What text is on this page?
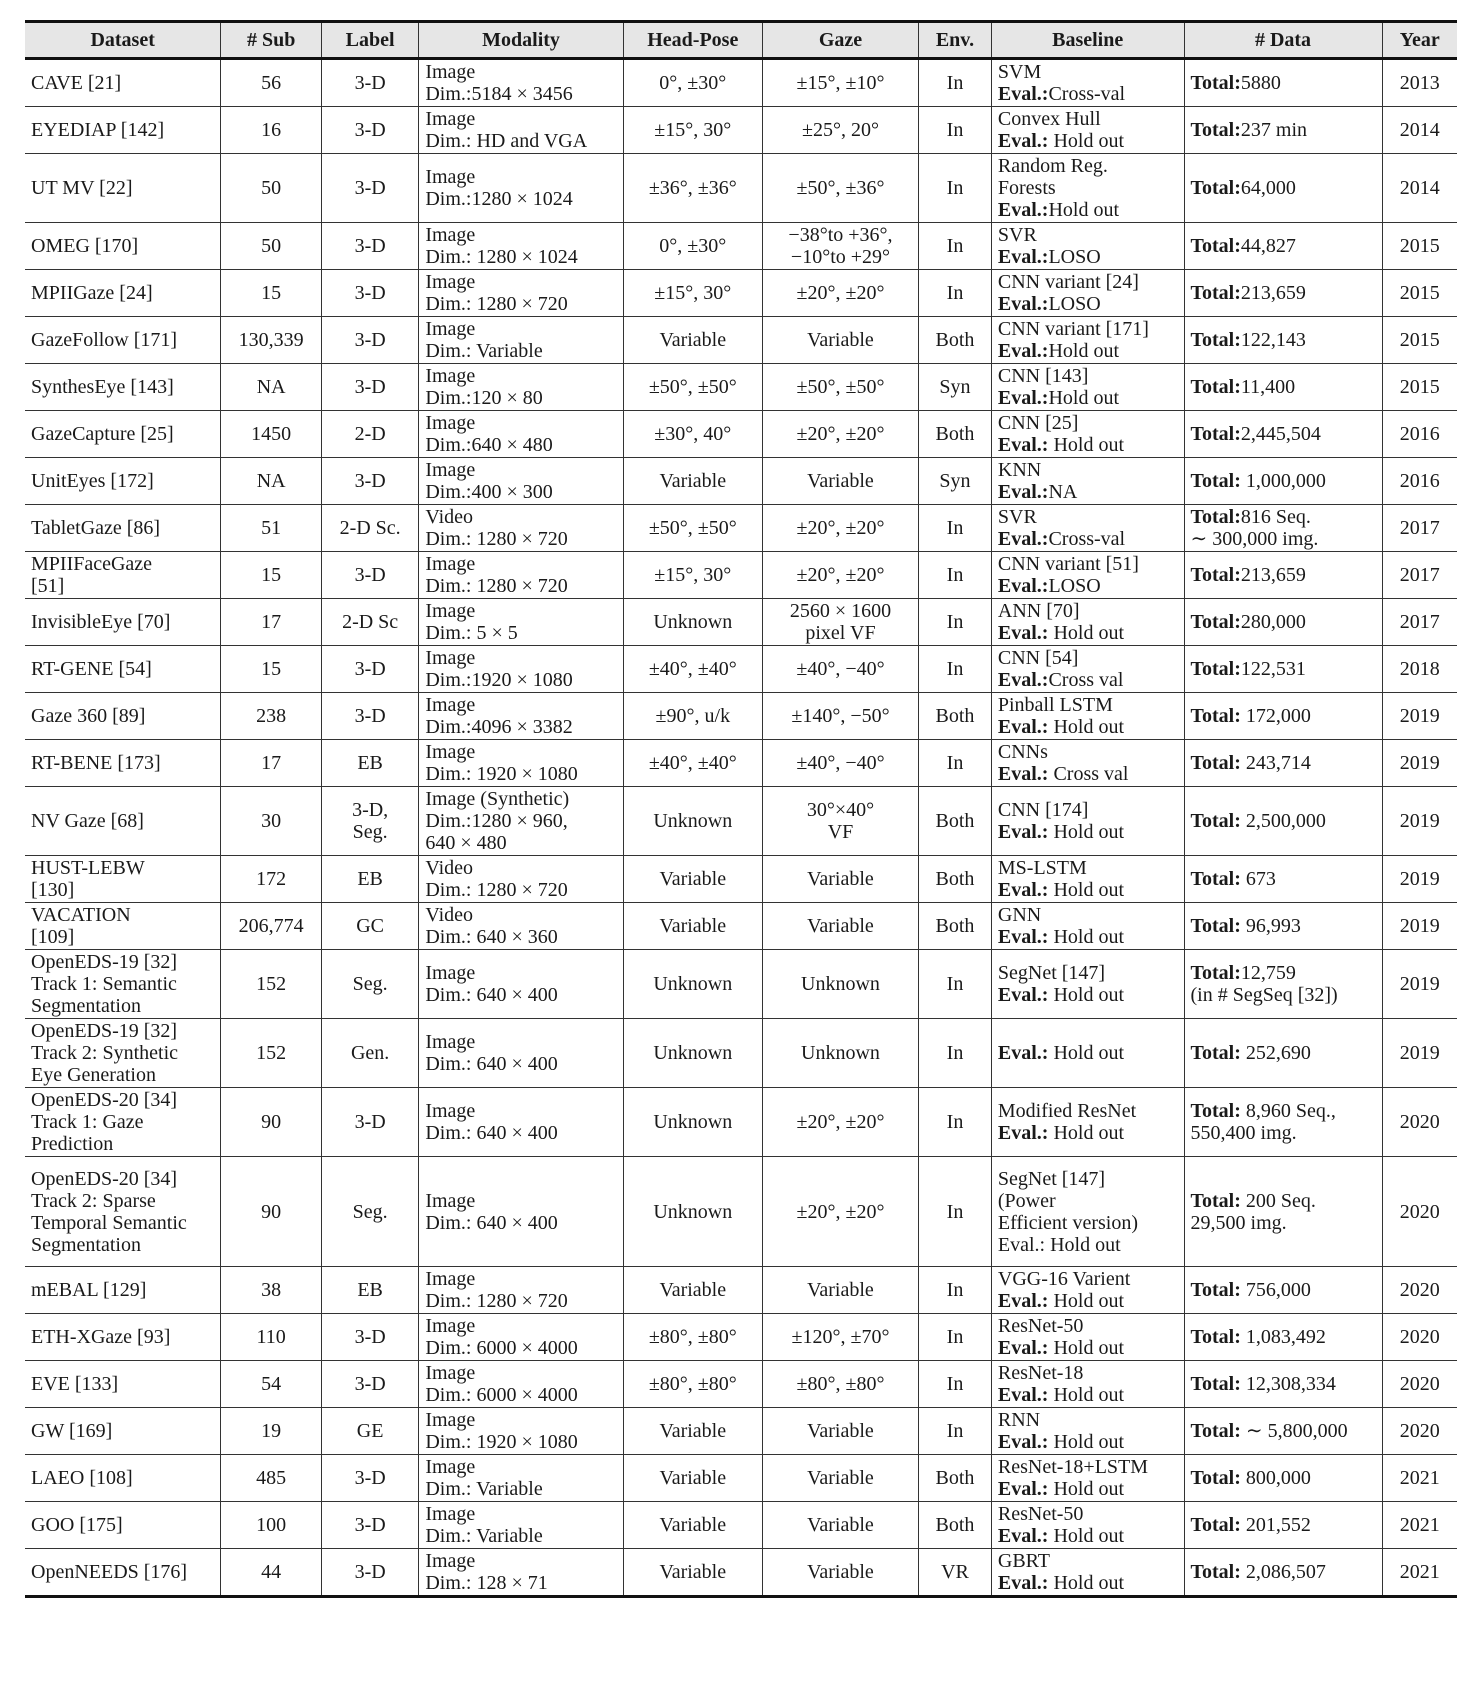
Dataset	# Sub	Label	Modality	Head-Pose	Gaze	Env.	Baseline	# Data	Year

CAVE [21]	56	3-D	Image
Dim.:5184 × 3456	0°, ±30°	±15°, ±10°	In	SVM
Eval.:Cross-val	Total:5880	2013

EYEDIAP [142]	16	3-D	Image
Dim.: HD and VGA	±15°, 30°	±25°, 20°	In	Convex Hull
Eval.: Hold out	Total:237 min	2014

UT MV [22]	50	3-D	Image
Dim.:1280 × 1024	±36°, ±36°	±50°, ±36°	In	Random Reg.
Forests
Eval.:Hold out	Total:64,000	2014

OMEG [170]	50	3-D	Image
Dim.: 1280 × 1024	0°, ±30°	−38°to +36°,
−10°to +29°	In	SVR
Eval.:LOSO	Total:44,827	2015

MPIIGaze [24]	15	3-D	Image
Dim.: 1280 × 720	±15°, 30°	±20°, ±20°	In	CNN variant [24]
Eval.:LOSO	Total:213,659	2015

GazeFollow [171]	130,339	3-D	Image
Dim.: Variable	Variable	Variable	Both	CNN variant [171]
Eval.:Hold out	Total:122,143	2015

SynthesEye [143]	NA	3-D	Image
Dim.:120 × 80	±50°, ±50°	±50°, ±50°	Syn	CNN [143]
Eval.:Hold out	Total:11,400	2015

GazeCapture [25]	1450	2-D	Image
Dim.:640 × 480	±30°, 40°	±20°, ±20°	Both	CNN [25]
Eval.: Hold out	Total:2,445,504	2016

UnitEyes [172]	NA	3-D	Image
Dim.:400 × 300	Variable	Variable	Syn	KNN
Eval.:NA	Total: 1,000,000	2016

TabletGaze [86]	51	2-D Sc.	Video
Dim.: 1280 × 720	±50°, ±50°	±20°, ±20°	In	SVR
Eval.:Cross-val	Total:816 Seq.
∼ 300,000 img.	2017

MPIIFaceGaze
[51]	15	3-D	Image
Dim.: 1280 × 720	±15°, 30°	±20°, ±20°	In	CNN variant [51]
Eval.:LOSO	Total:213,659	2017

InvisibleEye [70]	17	2-D Sc	Image
Dim.: 5 × 5	Unknown	2560 × 1600
pixel VF	In	ANN [70]
Eval.: Hold out	Total:280,000	2017

RT-GENE [54]	15	3-D	Image
Dim.:1920 × 1080	±40°, ±40°	±40°, −40°	In	CNN [54]
Eval.:Cross val	Total:122,531	2018

Gaze 360 [89]	238	3-D	Image
Dim.:4096 × 3382	±90°, u/k	±140°, −50°	Both	Pinball LSTM
Eval.: Hold out	Total: 172,000	2019

RT-BENE [173]	17	EB	Image
Dim.: 1920 × 1080	±40°, ±40°	±40°, −40°	In	CNNs
Eval.: Cross val	Total: 243,714	2019

NV Gaze [68]	30	3-D,
Seg.	Image (Synthetic)
Dim.:1280 × 960,
640 × 480	Unknown	30°×40°
VF	Both	CNN [174]
Eval.: Hold out	Total: 2,500,000	2019

HUST-LEBW
[130]	172	EB	Video
Dim.: 1280 × 720	Variable	Variable	Both	MS-LSTM
Eval.: Hold out	Total: 673	2019

VACATION
[109]	206,774	GC	Video
Dim.: 640 × 360	Variable	Variable	Both	GNN
Eval.: Hold out	Total: 96,993	2019

OpenEDS-19 [32]
Track 1: Semantic
Segmentation	152	Seg.	Image
Dim.: 640 × 400	Unknown	Unknown	In	SegNet [147]
Eval.: Hold out	Total:12,759
(in # SegSeq [32])	2019

OpenEDS-19 [32]
Track 2: Synthetic
Eye Generation	152	Gen.	Image
Dim.: 640 × 400	Unknown	Unknown	In	Eval.: Hold out	Total: 252,690	2019

OpenEDS-20 [34]
Track 1: Gaze
Prediction	90	3-D	Image
Dim.: 640 × 400	Unknown	±20°, ±20°	In	Modified ResNet
Eval.: Hold out	Total: 8,960 Seq.,
550,400 img.	2020

OpenEDS-20 [34]
Track 2: Sparse
Temporal Semantic
Segmentation	90	Seg.	Image
Dim.: 640 × 400	Unknown	±20°, ±20°	In	SegNet [147]
(Power
Efficient version)
Eval.: Hold out	Total: 200 Seq.
29,500 img.	2020

mEBAL [129]	38	EB	Image
Dim.: 1280 × 720	Variable	Variable	In	VGG-16 Varient
Eval.: Hold out	Total: 756,000	2020

ETH-XGaze [93]	110	3-D	Image
Dim.: 6000 × 4000	±80°, ±80°	±120°, ±70°	In	ResNet-50
Eval.: Hold out	Total: 1,083,492	2020

EVE [133]	54	3-D	Image
Dim.: 6000 × 4000	±80°, ±80°	±80°, ±80°	In	ResNet-18
Eval.: Hold out	Total: 12,308,334	2020

GW [169]	19	GE	Image
Dim.: 1920 × 1080	Variable	Variable	In	RNN
Eval.: Hold out	Total: ∼ 5,800,000	2020

LAEO [108]	485	3-D	Image
Dim.: Variable	Variable	Variable	Both	ResNet-18+LSTM
Eval.: Hold out	Total: 800,000	2021

GOO [175]	100	3-D	Image
Dim.: Variable	Variable	Variable	Both	ResNet-50
Eval.: Hold out	Total: 201,552	2021

OpenNEEDS [176]	44	3-D	Image
Dim.: 128 × 71	Variable	Variable	VR	GBRT
Eval.: Hold out	Total: 2,086,507	2021
